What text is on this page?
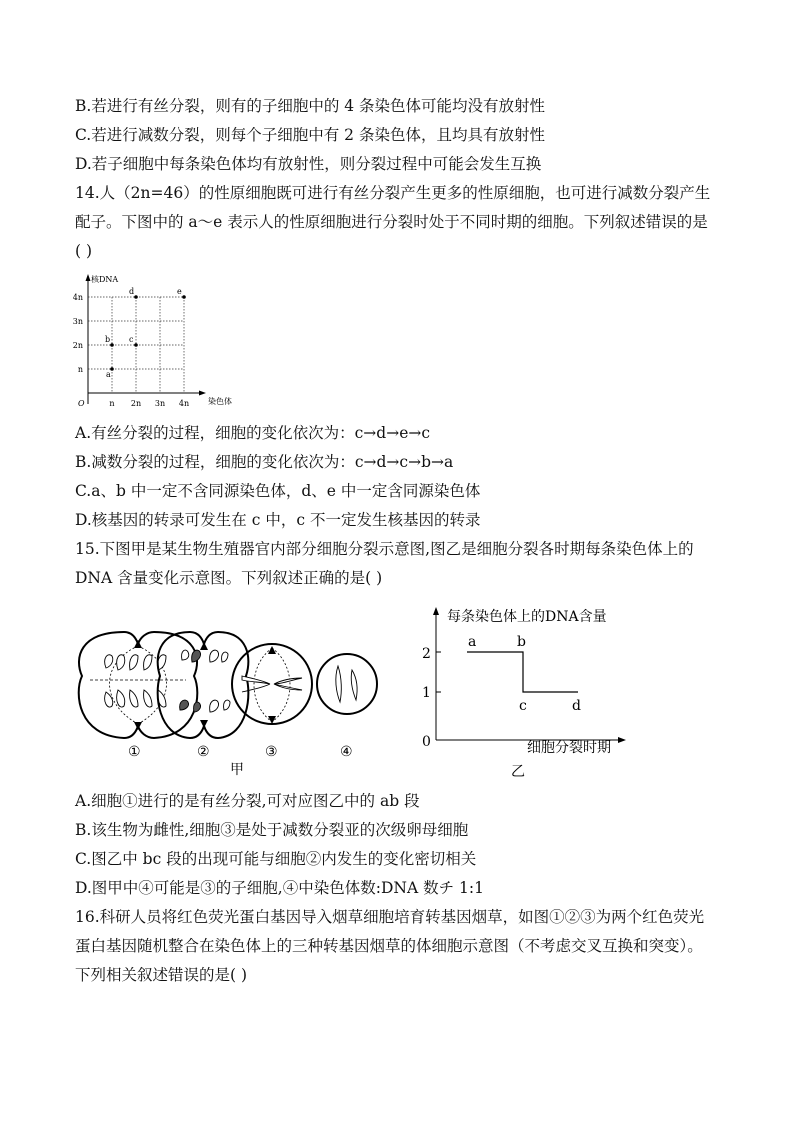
B.若进行有丝分裂，则有的子细胞中的 4 条染色体可能均没有放射性
C.若进行减数分裂，则每个子细胞中有 2 条染色体，且均具有放射性
D.若子细胞中每条染色体均有放射性，则分裂过程中可能会发生互换
14.人（2n=46）的性原细胞既可进行有丝分裂产生更多的性原细胞，也可进行减数分裂产生
配子。下图中的 a～e 表示人的性原细胞进行分裂时处于不同时期的细胞。下列叙述错误的是
( )
核DNA
染色体
O
n
2n
3n
4n
n 2n 3n 4n
a
b c
d	e
A.有丝分裂的过程，细胞的变化依次为：c→d→e→c
B.减数分裂的过程，细胞的变化依次为：c→d→c→b→a
C.a、b 中一定不含同源染色体，d、e 中一定含同源染色体
D.核基因的转录可发生在 c 中，c 不一定发生核基因的转录
15.下图甲是某生物生殖器官内部分细胞分裂示意图,图乙是细胞分裂各时期每条染色体上的
DNA 含量变化示意图。下列叙述正确的是( )
①	②	③	④
甲
每条染色体上的DNA含量
细胞分裂时期
0
2
1
a	b
c	d
乙
A.细胞①进行的是有丝分裂,可对应图乙中的 ab 段
B.该生物为雌性,细胞③是处于减数分裂亚的次级卵母细胞
C.图乙中 bc 段的出现可能与细胞②内发生的变化密切相关
D.图甲中④可能是③的子细胞,④中染色体数:DNA 数チ 1:1
16.科研人员将红色荧光蛋白基因导入烟草细胞培育转基因烟草，如图①②③为两个红色荧光
蛋白基因随机整合在染色体上的三种转基因烟草的体细胞示意图（不考虑交叉互换和突变）。
下列相关叙述错误的是( )
